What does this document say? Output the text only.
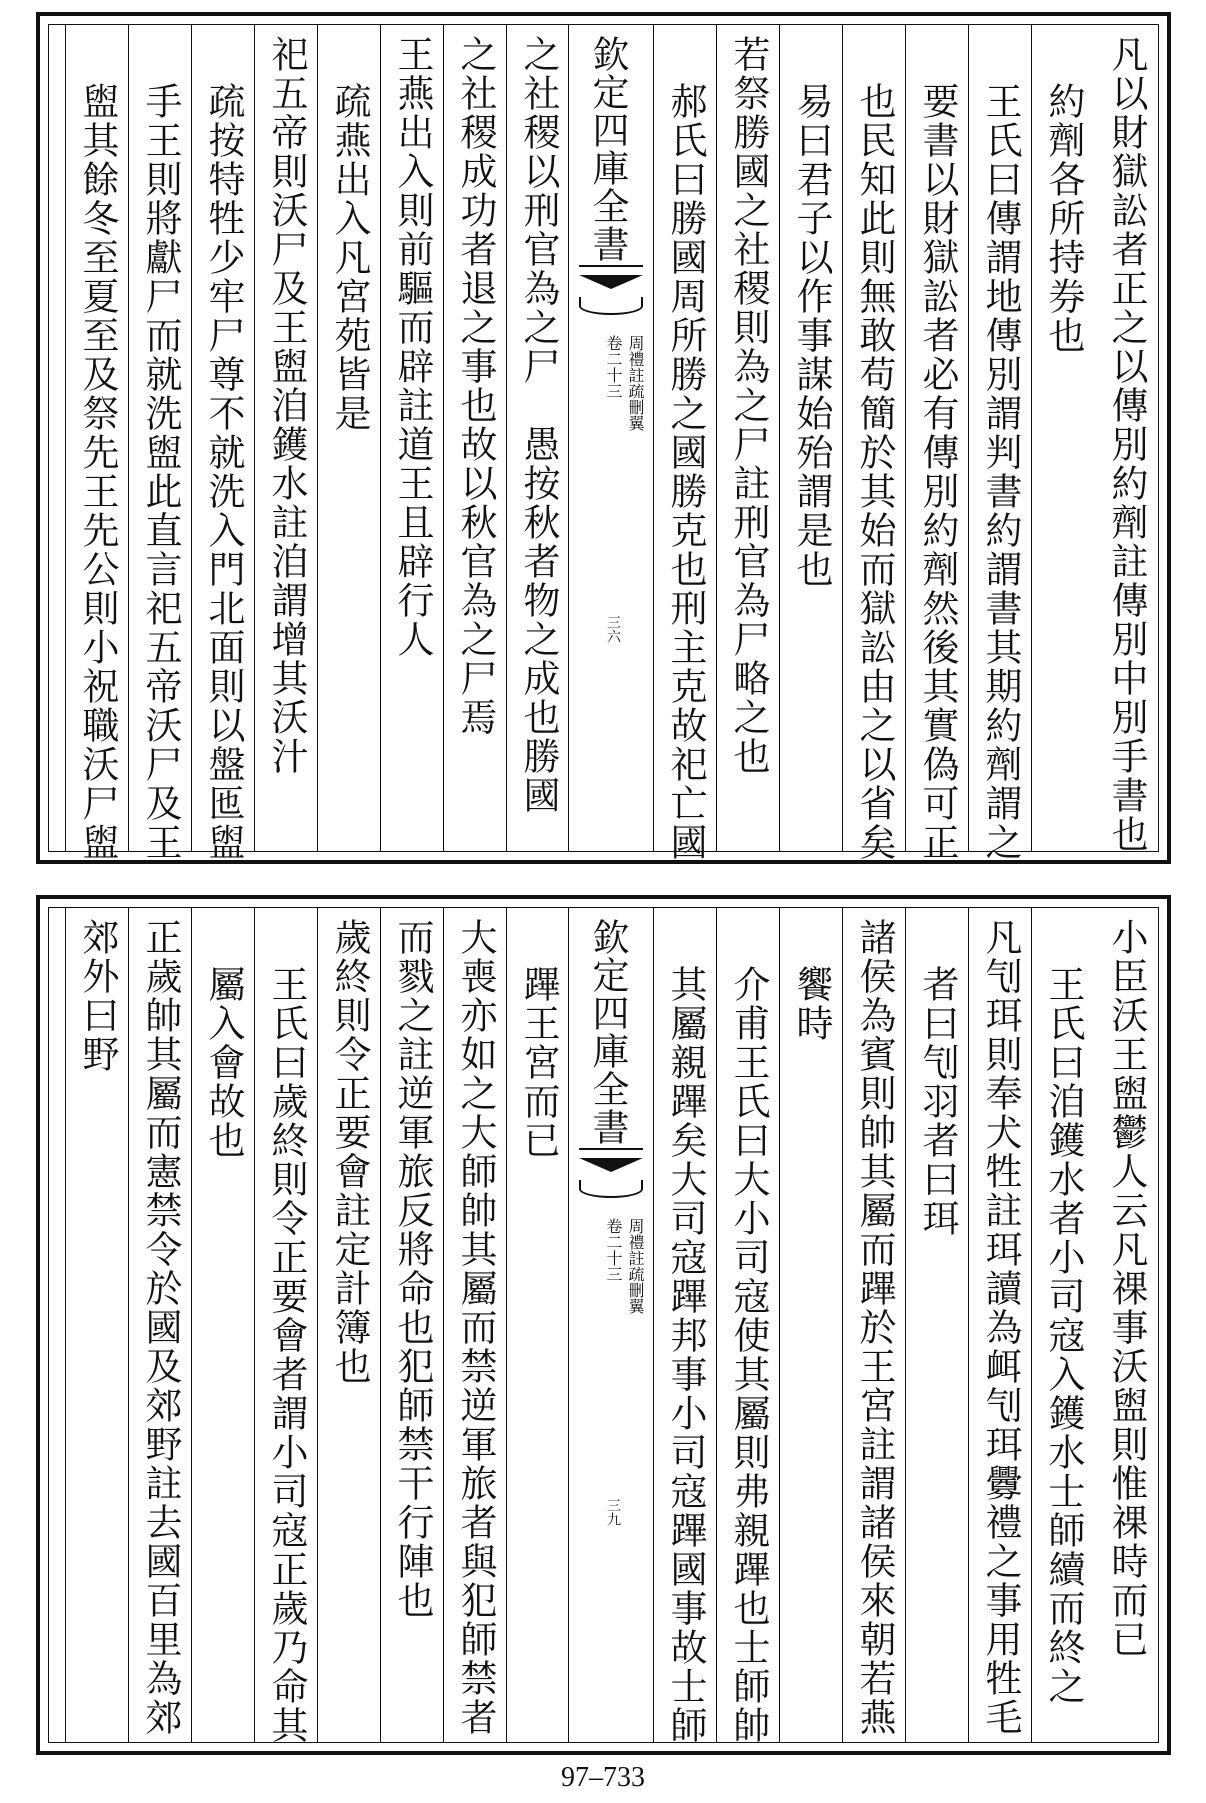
凡以財獄訟者正之以傳別約劑註傳別中別手書也
約劑各所持券也
王氏曰傳謂地傳別謂判書約謂書其期約劑謂之
要書以財獄訟者必有傳別約劑然後其實偽可正
也民知此則無敢苟簡於其始而獄訟由之以省矣
易曰君子以作事謀始殆謂是也
若祭勝國之社稷則為之尸註刑官為尸略之也
郝氏曰勝國周所勝之國勝克也刑主克故祀亡國
欽定四庫全書
周禮註疏刪翼
卷二十三
三六
之社稷以刑官為之尸　愚按秋者物之成也勝國
之社稷成功者退之事也故以秋官為之尸焉
王燕出入則前驅而辟註道王且辟行人
疏燕出入凡宮苑皆是
祀五帝則沃尸及王盥洎鑊水註洎謂增其沃汁
疏按特牲少牢尸尊不就洗入門北面則以盤匜盥
手王則將獻尸而就洗盥此直言祀五帝沃尸及王
盥其餘冬至夏至及祭先王先公則小祝職沃尸盥
小臣沃王盥鬱人云凡祼事沃盥則惟祼時而已
王氏曰洎鑊水者小司寇入鑊水士師續而終之
凡刏珥則奉犬牲註珥讀為衈刏珥釁禮之事用牲毛
者曰刏羽者曰珥
諸侯為賓則帥其屬而蹕於王宮註謂諸侯來朝若燕
饗時
介甫王氏曰大小司寇使其屬則弗親蹕也士師帥
其屬親蹕矣大司寇蹕邦事小司寇蹕國事故士師
欽定四庫全書
周禮註疏刪翼
卷二十三
三九
蹕王宮而已
大喪亦如之大師帥其屬而禁逆軍旅者與犯師禁者
而戮之註逆軍旅反將命也犯師禁干行陣也
歲終則令正要會註定計簿也
王氏曰歲終則令正要會者謂小司寇正歲乃命其
屬入會故也
正歲帥其屬而憲禁令於國及郊野註去國百里為郊
郊外曰野
97–733
